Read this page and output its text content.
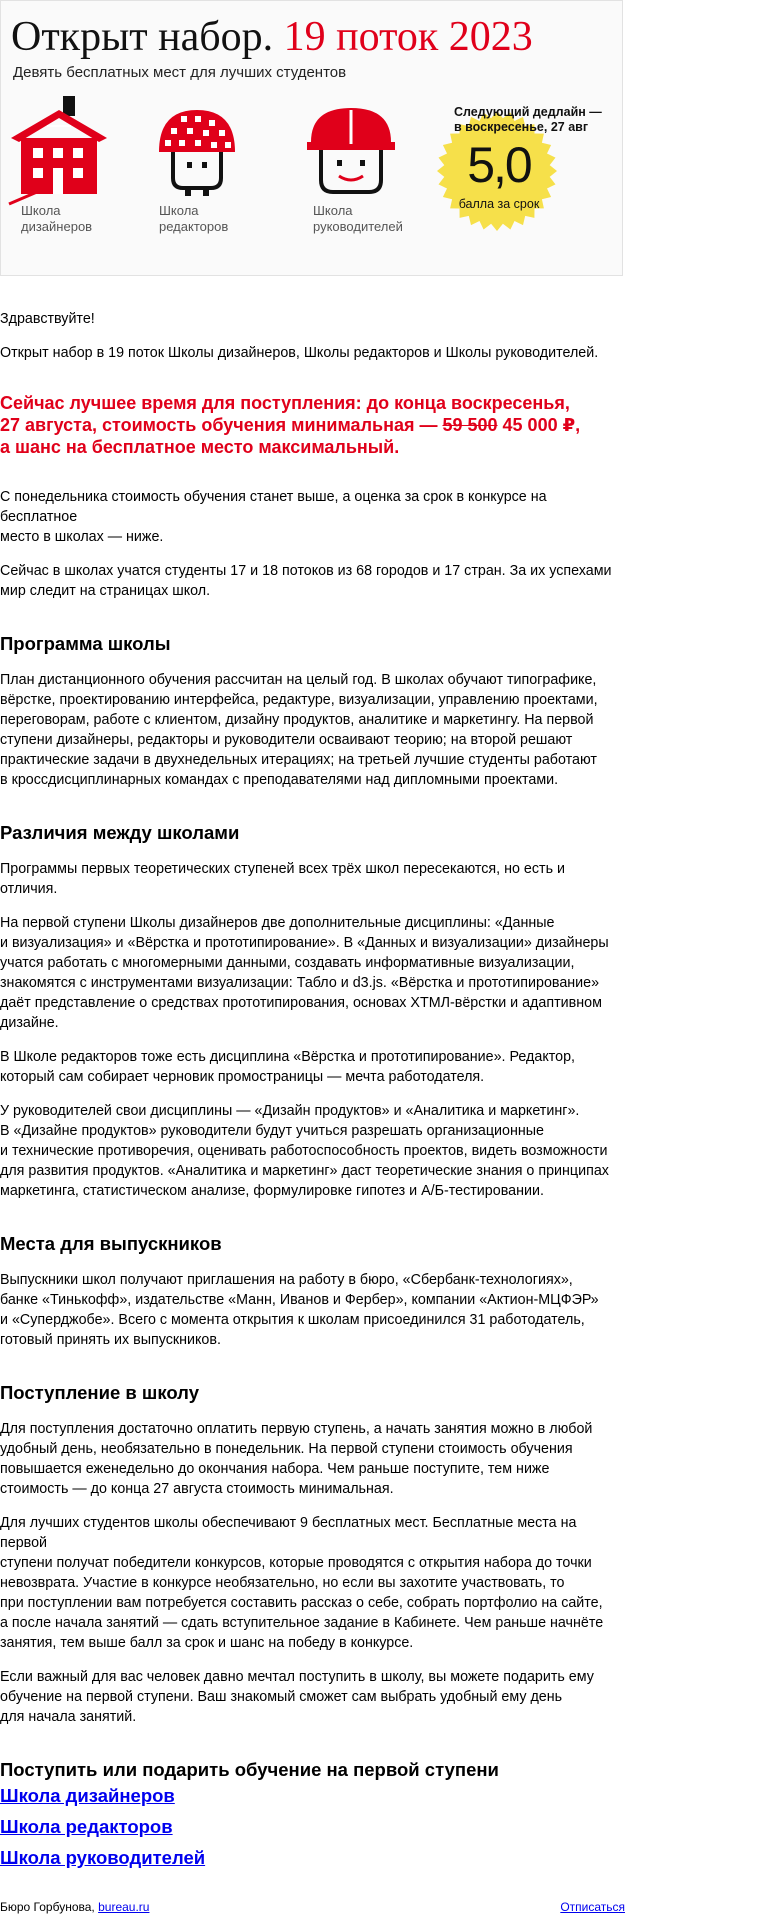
Открыт набор. 19 поток 2023
Девять бесплатных мест для лучших студентов
Школа
дизайнеров
Школа
редакторов
Школа
руководителей
Следующий дедлайн —
в воскресенье, 27 авг
5,0
балла за срок

Здравствуйте!

Открыт набор в 19 поток Школы дизайнеров, Школы редакторов и Школы руководителей.

Сейчас лучшее время для поступления: до конца воскресенья,
27 августа, стоимость обучения минимальная — 59 500 45 000 ₽,
а шанс на бесплатное место максимальный.

С понедельника стоимость обучения станет выше, а оценка за срок в конкурсе на бесплатное
место в школах — ниже.

Сейчас в школах учатся студенты 17 и 18 потоков из 68 городов и 17 стран. За их успехами
мир следит на страницах школ.

Программа школы

План дистанционного обучения рассчитан на целый год. В школах обучают типографике,
вёрстке, проектированию интерфейса, редактуре, визуализации, управлению проектами,
переговорам, работе с клиентом, дизайну продуктов, аналитике и маркетингу. На первой
ступени дизайнеры, редакторы и руководители осваивают теорию; на второй решают
практические задачи в двухнедельных итерациях; на третьей лучшие студенты работают
в кроссдисциплинарных командах с преподавателями над дипломными проектами.

Различия между школами

Программы первых теоретических ступеней всех трёх школ пересекаются, но есть и отличия.

На первой ступени Школы дизайнеров две дополнительные дисциплины: «Данные
и визуализация» и «Вёрстка и прототипирование». В «Данных и визуализации» дизайнеры
учатся работать с многомерными данными, создавать информативные визуализации,
знакомятся с инструментами визуализации: Табло и d3.js. «Вёрстка и прототипирование»
даёт представление о средствах прототипирования, основах ХТМЛ-вёрстки и адаптивном
дизайне.

В Школе редакторов тоже есть дисциплина «Вёрстка и прототипирование». Редактор,
который сам собирает черновик промостраницы — мечта работодателя.

У руководителей свои дисциплины — «Дизайн продуктов» и «Аналитика и маркетинг».
В «Дизайне продуктов» руководители будут учиться разрешать организационные
и технические противоречия, оценивать работоспособность проектов, видеть возможности
для развития продуктов. «Аналитика и маркетинг» даст теоретические знания о принципах
маркетинга, статистическом анализе, формулировке гипотез и А/Б-тестировании.

Места для выпускников

Выпускники школ получают приглашения на работу в бюро, «Сбербанк-технологиях»,
банке «Тинькофф», издательстве «Манн, Иванов и Фербер», компании «Актион-МЦФЭР»
и «Суперджобе». Всего с момента открытия к школам присоединился 31 работодатель,
готовый принять их выпускников.

Поступление в школу

Для поступления достаточно оплатить первую ступень, а начать занятия можно в любой
удобный день, необязательно в понедельник. На первой ступени стоимость обучения
повышается еженедельно до окончания набора. Чем раньше поступите, тем ниже
стоимость — до конца 27 августа стоимость минимальная.

Для лучших студентов школы обеспечивают 9 бесплатных мест. Бесплатные места на первой
ступени получат победители конкурсов, которые проводятся с открытия набора до точки
невозврата. Участие в конкурсе необязательно, но если вы захотите участвовать, то
при поступлении вам потребуется составить рассказ о себе, собрать портфолио на сайте,
а после начала занятий — сдать вступительное задание в Кабинете. Чем раньше начнёте
занятия, тем выше балл за срок и шанс на победу в конкурсе.

Если важный для вас человек давно мечтал поступить в школу, вы можете подарить ему
обучение на первой ступени. Ваш знакомый сможет сам выбрать удобный ему день
для начала занятий.

Поступить или подарить обучение на первой ступени
Школа дизайнеров
Школа редакторов
Школа руководителей
Бюро Горбунова, bureau.ru	Отписаться
